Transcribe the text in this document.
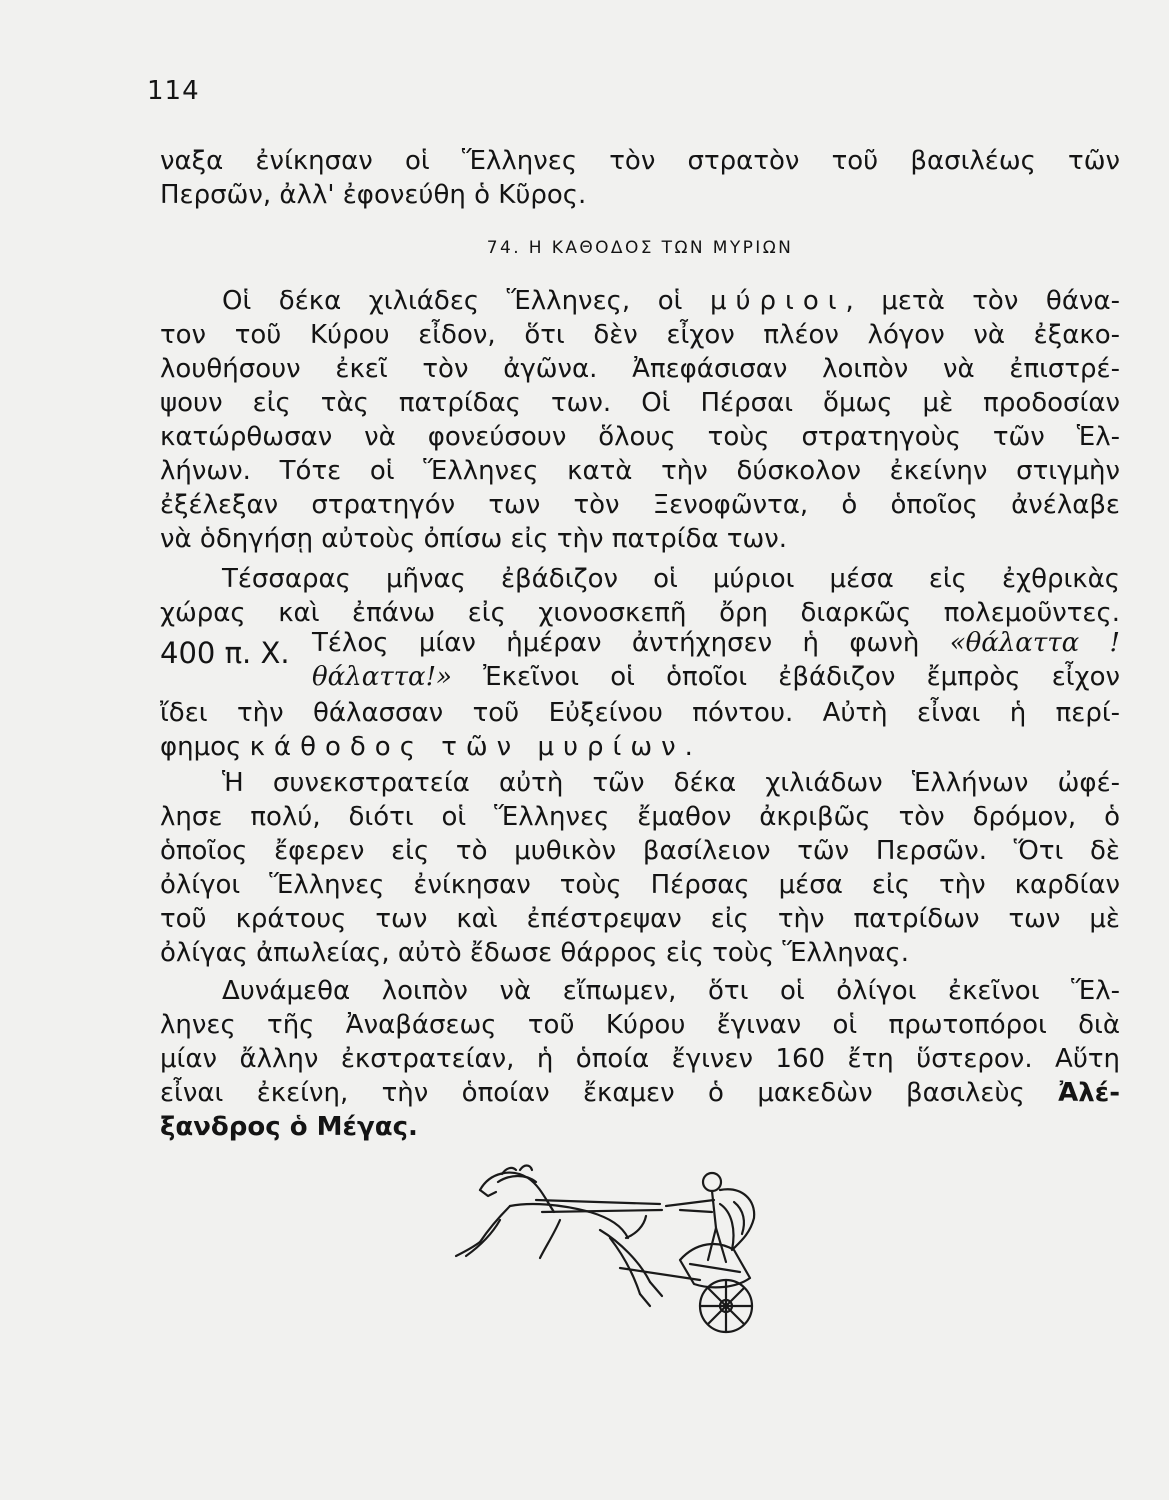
114
ναξα ἐνίκησαν οἱ Ἕλληνες τὸν στρατὸν τοῦ βασιλέως τῶν
Περσῶν, ἀλλ' ἐφονεύθη ὁ Κῦρος.
74. Η ΚΑΘΟΔΟΣ ΤΩΝ ΜΥΡΙΩΝ
Οἱ δέκα χιλιάδες Ἕλληνες, οἱ μύριοι, μετὰ τὸν θάνα-
τον τοῦ Κύρου εἶδον, ὅτι δὲν εἶχον πλέον λόγον νὰ ἐξακο-
λουθήσουν ἐκεῖ τὸν ἀγῶνα. Ἀπεφάσισαν λοιπὸν νὰ ἐπιστρέ-
ψουν εἰς τὰς πατρίδας των. Οἱ Πέρσαι ὅμως μὲ προδοσίαν
κατώρθωσαν νὰ φονεύσουν ὅλους τοὺς στρατηγοὺς τῶν Ἑλ-
λήνων. Τότε οἱ Ἕλληνες κατὰ τὴν δύσκολον ἐκείνην στιγμὴν
ἐξέλεξαν στρατηγόν των τὸν Ξενοφῶντα, ὁ ὁποῖος ἀνέλαβε
νὰ ὁδηγήσῃ αὐτοὺς ὀπίσω εἰς τὴν πατρίδα των.
Τέσσαρας μῆνας ἐβάδιζον οἱ μύριοι μέσα εἰς ἐχθρικὰς
χώρας καὶ ἐπάνω εἰς χιονοσκεπῆ ὄρη διαρκῶς πολεμοῦντες.
400 π. Χ. Τέλος μίαν ἡμέραν ἀντήχησεν ἡ φωνὴ «θάλαττα !
θάλαττα!» Ἐκεῖνοι οἱ ὁποῖοι ἐβάδιζον ἔμπρὸς εἶχον
ἴδει τὴν θάλασσαν τοῦ Εὐξείνου πόντου. Αὐτὴ εἶναι ἡ περί-
φημος κάθοδος τῶν μυρίων.
Ἡ συνεκστρατεία αὐτὴ τῶν δέκα χιλιάδων Ἑλλήνων ὠφέ-
λησε πολύ, διότι οἱ Ἕλληνες ἔμαθον ἀκριβῶς τὸν δρόμον, ὁ
ὁποῖος ἔφερεν εἰς τὸ μυθικὸν βασίλειον τῶν Περσῶν. Ὅτι δὲ
ὀλίγοι Ἕλληνες ἐνίκησαν τοὺς Πέρσας μέσα εἰς τὴν καρδίαν
τοῦ κράτους των καὶ ἐπέστρεψαν εἰς τὴν πατρίδων των μὲ
ὀλίγας ἀπωλείας, αὐτὸ ἔδωσε θάρρος εἰς τοὺς Ἕλληνας.
Δυνάμεθα λοιπὸν νὰ εἴπωμεν, ὅτι οἱ ὀλίγοι ἐκεῖνοι Ἕλ-
ληνες τῆς Ἀναβάσεως τοῦ Κύρου ἔγιναν οἱ πρωτοπόροι διὰ
μίαν ἄλλην ἐκστρατείαν, ἡ ὁποία ἔγινεν 160 ἔτη ὕστερον. Αὕτη
εἶναι ἐκείνη, τὴν ὁποίαν ἔκαμεν ὁ μακεδὼν βασιλεὺς Ἀλέ-
ξανδρος ὁ Μέγας.
